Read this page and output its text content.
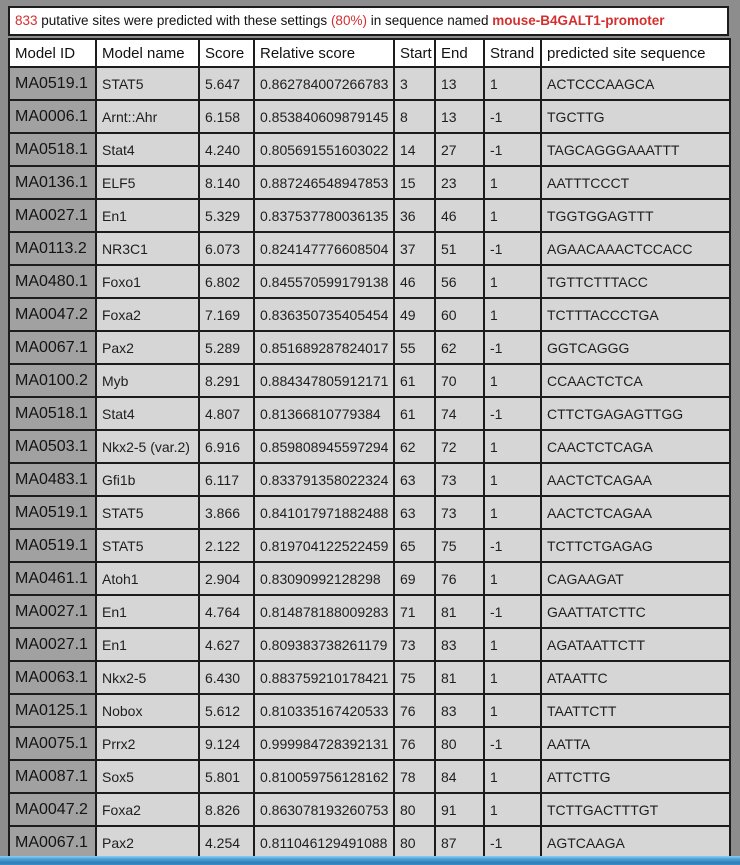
833 putative sites were predicted with these settings (80%) in sequence named mouse-B4GALT1-promoter
Model ID	Model name	Score	Relative score	Start	End	Strand	predicted site sequence
MA0519.1	STAT5	5.647	0.862784007266783	3	13	1	ACTCCCAAGCA
MA0006.1	Arnt::Ahr	6.158	0.853840609879145	8	13	-1	TGCTTG
MA0518.1	Stat4	4.240	0.805691551603022	14	27	-1	TAGCAGGGAAATTT
MA0136.1	ELF5	8.140	0.887246548947853	15	23	1	AATTTCCCT
MA0027.1	En1	5.329	0.837537780036135	36	46	1	TGGTGGAGTTT
MA0113.2	NR3C1	6.073	0.824147776608504	37	51	-1	AGAACAAACTCCACC
MA0480.1	Foxo1	6.802	0.845570599179138	46	56	1	TGTTCTTTACC
MA0047.2	Foxa2	7.169	0.836350735405454	49	60	1	TCTTTACCCTGA
MA0067.1	Pax2	5.289	0.851689287824017	55	62	-1	GGTCAGGG
MA0100.2	Myb	8.291	0.884347805912171	61	70	1	CCAACTCTCA
MA0518.1	Stat4	4.807	0.81366810779384	61	74	-1	CTTCTGAGAGTTGG
MA0503.1	Nkx2-5 (var.2)	6.916	0.859808945597294	62	72	1	CAACTCTCAGA
MA0483.1	Gfi1b	6.117	0.833791358022324	63	73	1	AACTCTCAGAA
MA0519.1	STAT5	3.866	0.841017971882488	63	73	1	AACTCTCAGAA
MA0519.1	STAT5	2.122	0.819704122522459	65	75	-1	TCTTCTGAGAG
MA0461.1	Atoh1	2.904	0.83090992128298	69	76	1	CAGAAGAT
MA0027.1	En1	4.764	0.814878188009283	71	81	-1	GAATTATCTTC
MA0027.1	En1	4.627	0.809383738261179	73	83	1	AGATAATTCTT
MA0063.1	Nkx2-5	6.430	0.883759210178421	75	81	1	ATAATTC
MA0125.1	Nobox	5.612	0.810335167420533	76	83	1	TAATTCTT
MA0075.1	Prrx2	9.124	0.999984728392131	76	80	-1	AATTA
MA0087.1	Sox5	5.801	0.810059756128162	78	84	1	ATTCTTG
MA0047.2	Foxa2	8.826	0.863078193260753	80	91	1	TCTTGACTTTGT
MA0067.1	Pax2	4.254	0.811046129491088	80	87	-1	AGTCAAGA
